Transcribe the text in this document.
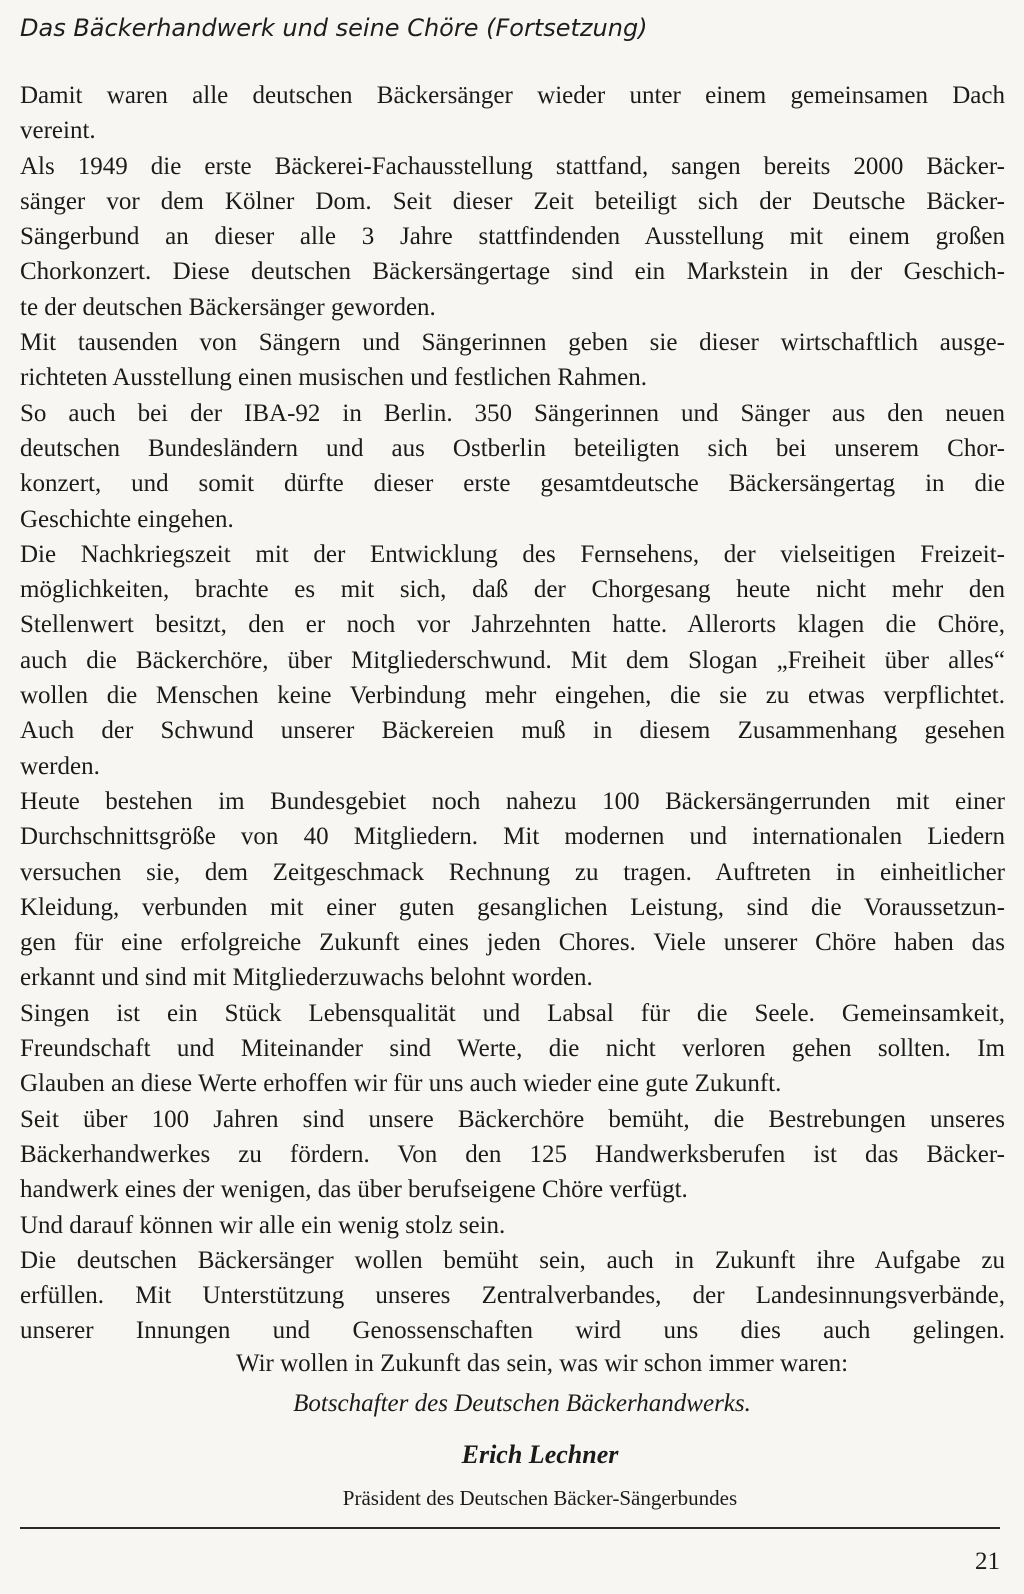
Das Bäckerhandwerk und seine Chöre (Fortsetzung)
Damit waren alle deutschen Bäckersänger wieder unter einem gemeinsamen Dach
vereint.
Als 1949 die erste Bäckerei-Fachausstellung stattfand, sangen bereits 2000 Bäcker-
sänger vor dem Kölner Dom. Seit dieser Zeit beteiligt sich der Deutsche Bäcker-
Sängerbund an dieser alle 3 Jahre stattfindenden Ausstellung mit einem großen
Chorkonzert. Diese deutschen Bäckersängertage sind ein Markstein in der Geschich-
te der deutschen Bäckersänger geworden.
Mit tausenden von Sängern und Sängerinnen geben sie dieser wirtschaftlich ausge-
richteten Ausstellung einen musischen und festlichen Rahmen.
So auch bei der IBA-92 in Berlin. 350 Sängerinnen und Sänger aus den neuen
deutschen Bundesländern und aus Ostberlin beteiligten sich bei unserem Chor-
konzert, und somit dürfte dieser erste gesamtdeutsche Bäckersängertag in die
Geschichte eingehen.
Die Nachkriegszeit mit der Entwicklung des Fernsehens, der vielseitigen Freizeit-
möglichkeiten, brachte es mit sich, daß der Chorgesang heute nicht mehr den
Stellenwert besitzt, den er noch vor Jahrzehnten hatte. Allerorts klagen die Chöre,
auch die Bäckerchöre, über Mitgliederschwund. Mit dem Slogan „Freiheit über alles“
wollen die Menschen keine Verbindung mehr eingehen, die sie zu etwas verpflichtet.
Auch der Schwund unserer Bäckereien muß in diesem Zusammenhang gesehen
werden.
Heute bestehen im Bundesgebiet noch nahezu 100 Bäckersängerrunden mit einer
Durchschnittsgröße von 40 Mitgliedern. Mit modernen und internationalen Liedern
versuchen sie, dem Zeitgeschmack Rechnung zu tragen. Auftreten in einheitlicher
Kleidung, verbunden mit einer guten gesanglichen Leistung, sind die Voraussetzun-
gen für eine erfolgreiche Zukunft eines jeden Chores. Viele unserer Chöre haben das
erkannt und sind mit Mitgliederzuwachs belohnt worden.
Singen ist ein Stück Lebensqualität und Labsal für die Seele. Gemeinsamkeit,
Freundschaft und Miteinander sind Werte, die nicht verloren gehen sollten. Im
Glauben an diese Werte erhoffen wir für uns auch wieder eine gute Zukunft.
Seit über 100 Jahren sind unsere Bäckerchöre bemüht, die Bestrebungen unseres
Bäckerhandwerkes zu fördern. Von den 125 Handwerksberufen ist das Bäcker-
handwerk eines der wenigen, das über berufseigene Chöre verfügt.
Und darauf können wir alle ein wenig stolz sein.
Die deutschen Bäckersänger wollen bemüht sein, auch in Zukunft ihre Aufgabe zu
erfüllen. Mit Unterstützung unseres Zentralverbandes, der Landesinnungsverbände,
unserer Innungen und Genossenschaften wird uns dies auch gelingen.
Wir wollen in Zukunft das sein, was wir schon immer waren:
Botschafter des Deutschen Bäckerhandwerks.
Erich Lechner
Präsident des Deutschen Bäcker-Sängerbundes
21
